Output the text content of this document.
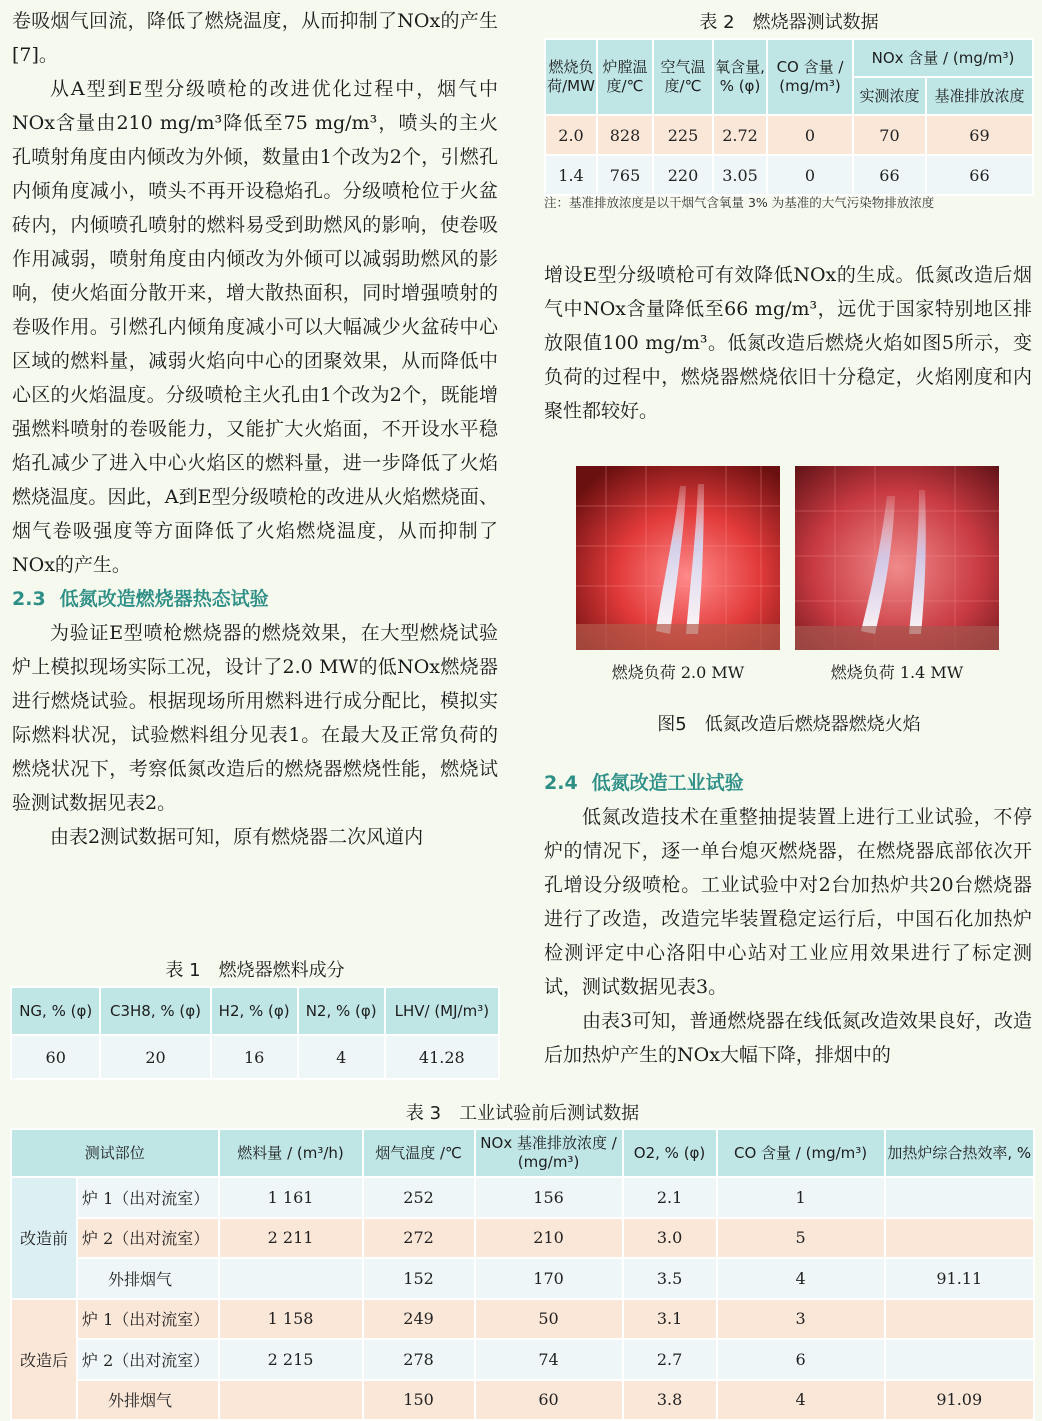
卷吸烟气回流，降低了燃烧温度，从而抑制了NOx的产生[7]。

从A型到E型分级喷枪的改进优化过程中，烟气中NOx含量由210 mg/m³降低至75 mg/m³，喷头的主火孔喷射角度由内倾改为外倾，数量由1个改为2个，引燃孔内倾角度减小，喷头不再开设稳焰孔。分级喷枪位于火盆砖内，内倾喷孔喷射的燃料易受到助燃风的影响，使卷吸作用减弱，喷射角度由内倾改为外倾可以减弱助燃风的影响，使火焰面分散开来，增大散热面积，同时增强喷射的卷吸作用。引燃孔内倾角度减小可以大幅减少火盆砖中心区域的燃料量，减弱火焰向中心的团聚效果，从而降低中心区的火焰温度。分级喷枪主火孔由1个改为2个，既能增强燃料喷射的卷吸能力，又能扩大火焰面，不开设水平稳焰孔减少了进入中心火焰区的燃料量，进一步降低了火焰燃烧温度。因此，A到E型分级喷枪的改进从火焰燃烧面、烟气卷吸强度等方面降低了火焰燃烧温度，从而抑制了NOx的产生。

2.3 低氮改造燃烧器热态试验

为验证E型喷枪燃烧器的燃烧效果，在大型燃烧试验炉上模拟现场实际工况，设计了2.0 MW的低NOx燃烧器进行燃烧试验。根据现场所用燃料进行成分配比，模拟实际燃料状况，试验燃料组分见表1。在最大及正常负荷的燃烧状况下，考察低氮改造后的燃烧器燃烧性能，燃烧试验测试数据见表2。

由表2测试数据可知，原有燃烧器二次风道内

表 1　燃烧器燃料成分
NG, % (φ)	C3H8, % (φ)	H2, % (φ)	N2, % (φ)	LHV/ (MJ/m³)
60	20	16	4	41.28
表 2　燃烧器测试数据
燃烧负荷/MW	炉膛温度/℃	空气温度/℃	氧含量, % (φ)	CO 含量 / (mg/m³)	NOx 含量 / (mg/m³)	
					实测浓度	基准排放浓度
2.0	828	225	2.72	0	70	69
1.4	765	220	3.05	0	66	66
注：基准排放浓度是以干烟气含氧量 3% 为基准的大气污染物排放浓度

增设E型分级喷枪可有效降低NOx的生成。低氮改造后烟气中NOx含量降低至66 mg/m³，远优于国家特别地区排放限值100 mg/m³。低氮改造后燃烧火焰如图5所示，变负荷的过程中，燃烧器燃烧依旧十分稳定，火焰刚度和内聚性都较好。

燃烧负荷 2.0 MW	燃烧负荷 1.4 MW
图5　低氮改造后燃烧器燃烧火焰
2.4 低氮改造工业试验

低氮改造技术在重整抽提装置上进行工业试验，不停炉的情况下，逐一单台熄灭燃烧器，在燃烧器底部依次开孔增设分级喷枪。工业试验中对2台加热炉共20台燃烧器进行了改造，改造完毕装置稳定运行后，中国石化加热炉检测评定中心洛阳中心站对工业应用效果进行了标定测试，测试数据见表3。

由表3可知，普通燃烧器在线低氮改造效果良好，改造后加热炉产生的NOx大幅下降，排烟中的

表 3　工业试验前后测试数据
测试部位		燃料量 / (m³/h)	烟气温度 /℃	NOx 基准排放浓度 / (mg/m³)	O2, % (φ)	CO 含量 / (mg/m³)	加热炉综合热效率, %
改造前	炉 1（出对流室）	1 161	252	156	2.1	1	
	炉 2（出对流室）	2 211	272	210	3.0	5	
	外排烟气		152	170	3.5	4	91.11
改造后	炉 1（出对流室）	1 158	249	50	3.1	3	
	炉 2（出对流室）	2 215	278	74	2.7	6	
	外排烟气		150	60	3.8	4	91.09
